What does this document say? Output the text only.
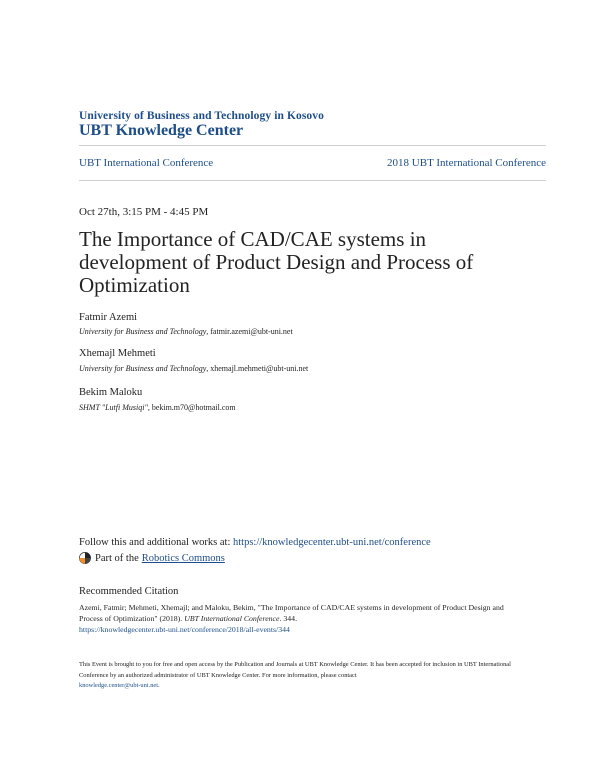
University of Business and Technology in Kosovo
UBT Knowledge Center
UBT International Conference	2018 UBT International Conference
Oct 27th, 3:15 PM - 4:45 PM
The Importance of CAD/CAE systems in development of Product Design and Process of Optimization
Fatmir Azemi
University for Business and Technology, fatmir.azemi@ubt-uni.net
Xhemajl Mehmeti
University for Business and Technology, xhemajl.mehmeti@ubt-uni.net
Bekim Maloku
SHMT "Lutfi Musiqi", bekim.m70@hotmail.com
Follow this and additional works at: https://knowledgecenter.ubt-uni.net/conference
Part of the Robotics Commons
Recommended Citation
Azemi, Fatmir; Mehmeti, Xhemajl; and Maloku, Bekim, "The Importance of CAD/CAE systems in development of Product Design and Process of Optimization" (2018). UBT International Conference. 344.
https://knowledgecenter.ubt-uni.net/conference/2018/all-events/344
This Event is brought to you for free and open access by the Publication and Journals at UBT Knowledge Center. It has been accepted for inclusion in UBT International Conference by an authorized administrator of UBT Knowledge Center. For more information, please contact
knowledge.center@ubt-uni.net.
